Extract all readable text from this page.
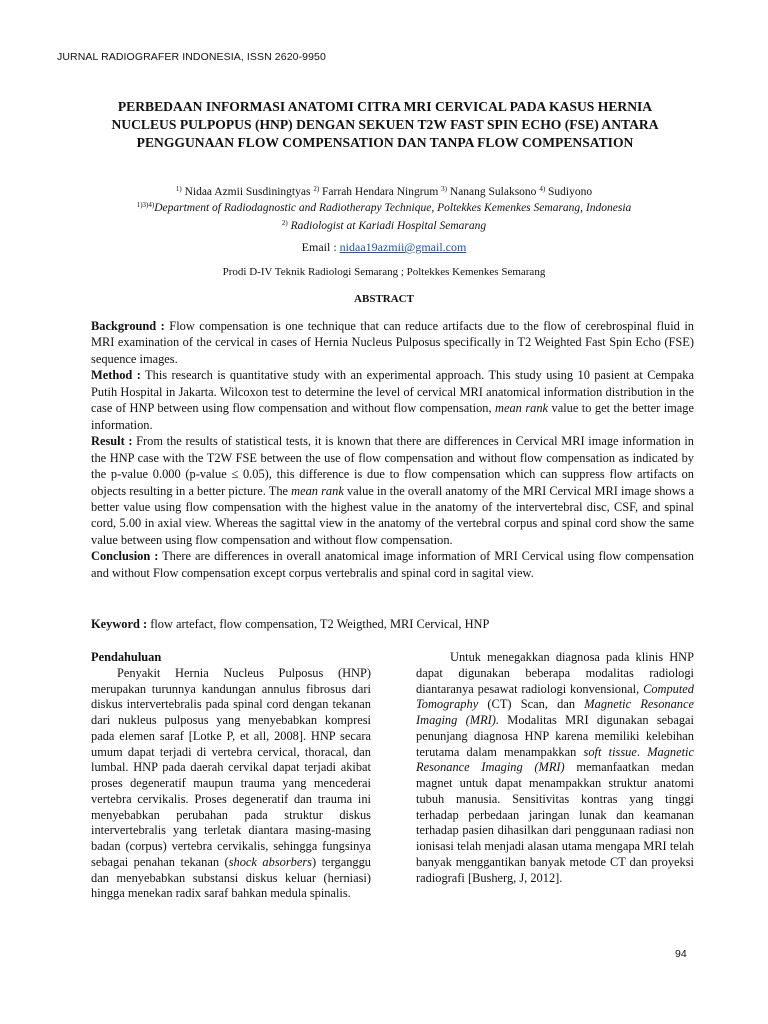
JURNAL RADIOGRAFER INDONESIA, ISSN 2620-9950
PERBEDAAN INFORMASI ANATOMI CITRA MRI CERVICAL PADA KASUS HERNIA NUCLEUS PULPOPUS (HNP) DENGAN SEKUEN T2W FAST SPIN ECHO (FSE) ANTARA PENGGUNAAN FLOW COMPENSATION DAN TANPA FLOW COMPENSATION
$^{1)}$ Nidaa Azmii Susdiningtyas $^{2)}$ Farrah Hendara Ningrum $^{3)}$ Nanang Sulaksono $^{4)}$ Sudiyono
$^{1)3)4)}$Department of Radiodagnostic and Radiotherapy Technique, Poltekkes Kemenkes Semarang, Indonesia
$^{2)}$ Radiologist at Kariadi Hospital Semarang
Email : nidaa19azmii@gmail.com
Prodi D-IV Teknik Radiologi Semarang ; Poltekkes Kemenkes Semarang
ABSTRACT

Background : Flow compensation is one technique that can reduce artifacts due to the flow of cerebrospinal fluid in MRI examination of the cervical in cases of Hernia Nucleus Pulposus specifically in T2 Weighted Fast Spin Echo (FSE) sequence images.

Method : This research is quantitative study with an experimental approach. This study using 10 pasient at Cempaka Putih Hospital in Jakarta. Wilcoxon test to determine the level of cervical MRI anatomical information distribution in the case of HNP between using flow compensation and without flow compensation, mean rank value to get the better image information.

Result : From the results of statistical tests, it is known that there are differences in Cervical MRI image information in the HNP case with the T2W FSE between the use of flow compensation and without flow compensation as indicated by the p-value 0.000 (p-value ≤ 0.05), this difference is due to flow compensation which can suppress flow artifacts on objects resulting in a better picture. The mean rank value in the overall anatomy of the MRI Cervical MRI image shows a better value using flow compensation with the highest value in the anatomy of the intervertebral disc, CSF, and spinal cord, 5.00 in axial view. Whereas the sagittal view in the anatomy of the vertebral corpus and spinal cord show the same value between using flow compensation and without flow compensation.

Conclusion : There are differences in overall anatomical image information of MRI Cervical using flow compensation and without Flow compensation except corpus vertebralis and spinal cord in sagital view.

Keyword : flow artefact, flow compensation, T2 Weigthed, MRI Cervical, HNP

Pendahuluan

Penyakit Hernia Nucleus Pulposus (HNP) merupakan turunnya kandungan annulus fibrosus dari diskus intervertebralis pada spinal cord dengan tekanan dari nukleus pulposus yang menyebabkan kompresi pada elemen saraf [Lotke P, et all, 2008]. HNP secara umum dapat terjadi di vertebra cervical, thoracal, dan lumbal. HNP pada daerah cervikal dapat terjadi akibat proses degeneratif maupun trauma yang mencederai vertebra cervikalis. Proses degeneratif dan trauma ini menyebabkan perubahan pada struktur diskus intervertebralis yang terletak diantara masing-masing badan (corpus) vertebra cervikalis, sehingga fungsinya sebagai penahan tekanan (shock absorbers) terganggu dan menyebabkan substansi diskus keluar (herniasi) hingga menekan radix saraf bahkan medula spinalis.

Untuk menegakkan diagnosa pada klinis HNP dapat digunakan beberapa modalitas radiologi diantaranya pesawat radiologi konvensional, Computed Tomography (CT) Scan, dan Magnetic Resonance Imaging (MRI). Modalitas MRI digunakan sebagai penunjang diagnosa HNP karena memiliki kelebihan terutama dalam menampakkan soft tissue. Magnetic Resonance Imaging (MRI) memanfaatkan medan magnet untuk dapat menampakkan struktur anatomi tubuh manusia. Sensitivitas kontras yang tinggi terhadap perbedaan jaringan lunak dan keamanan terhadap pasien dihasilkan dari penggunaan radiasi non ionisasi telah menjadi alasan utama mengapa MRI telah banyak menggantikan banyak metode CT dan proyeksi radiografi [Busherg, J, 2012].

94
